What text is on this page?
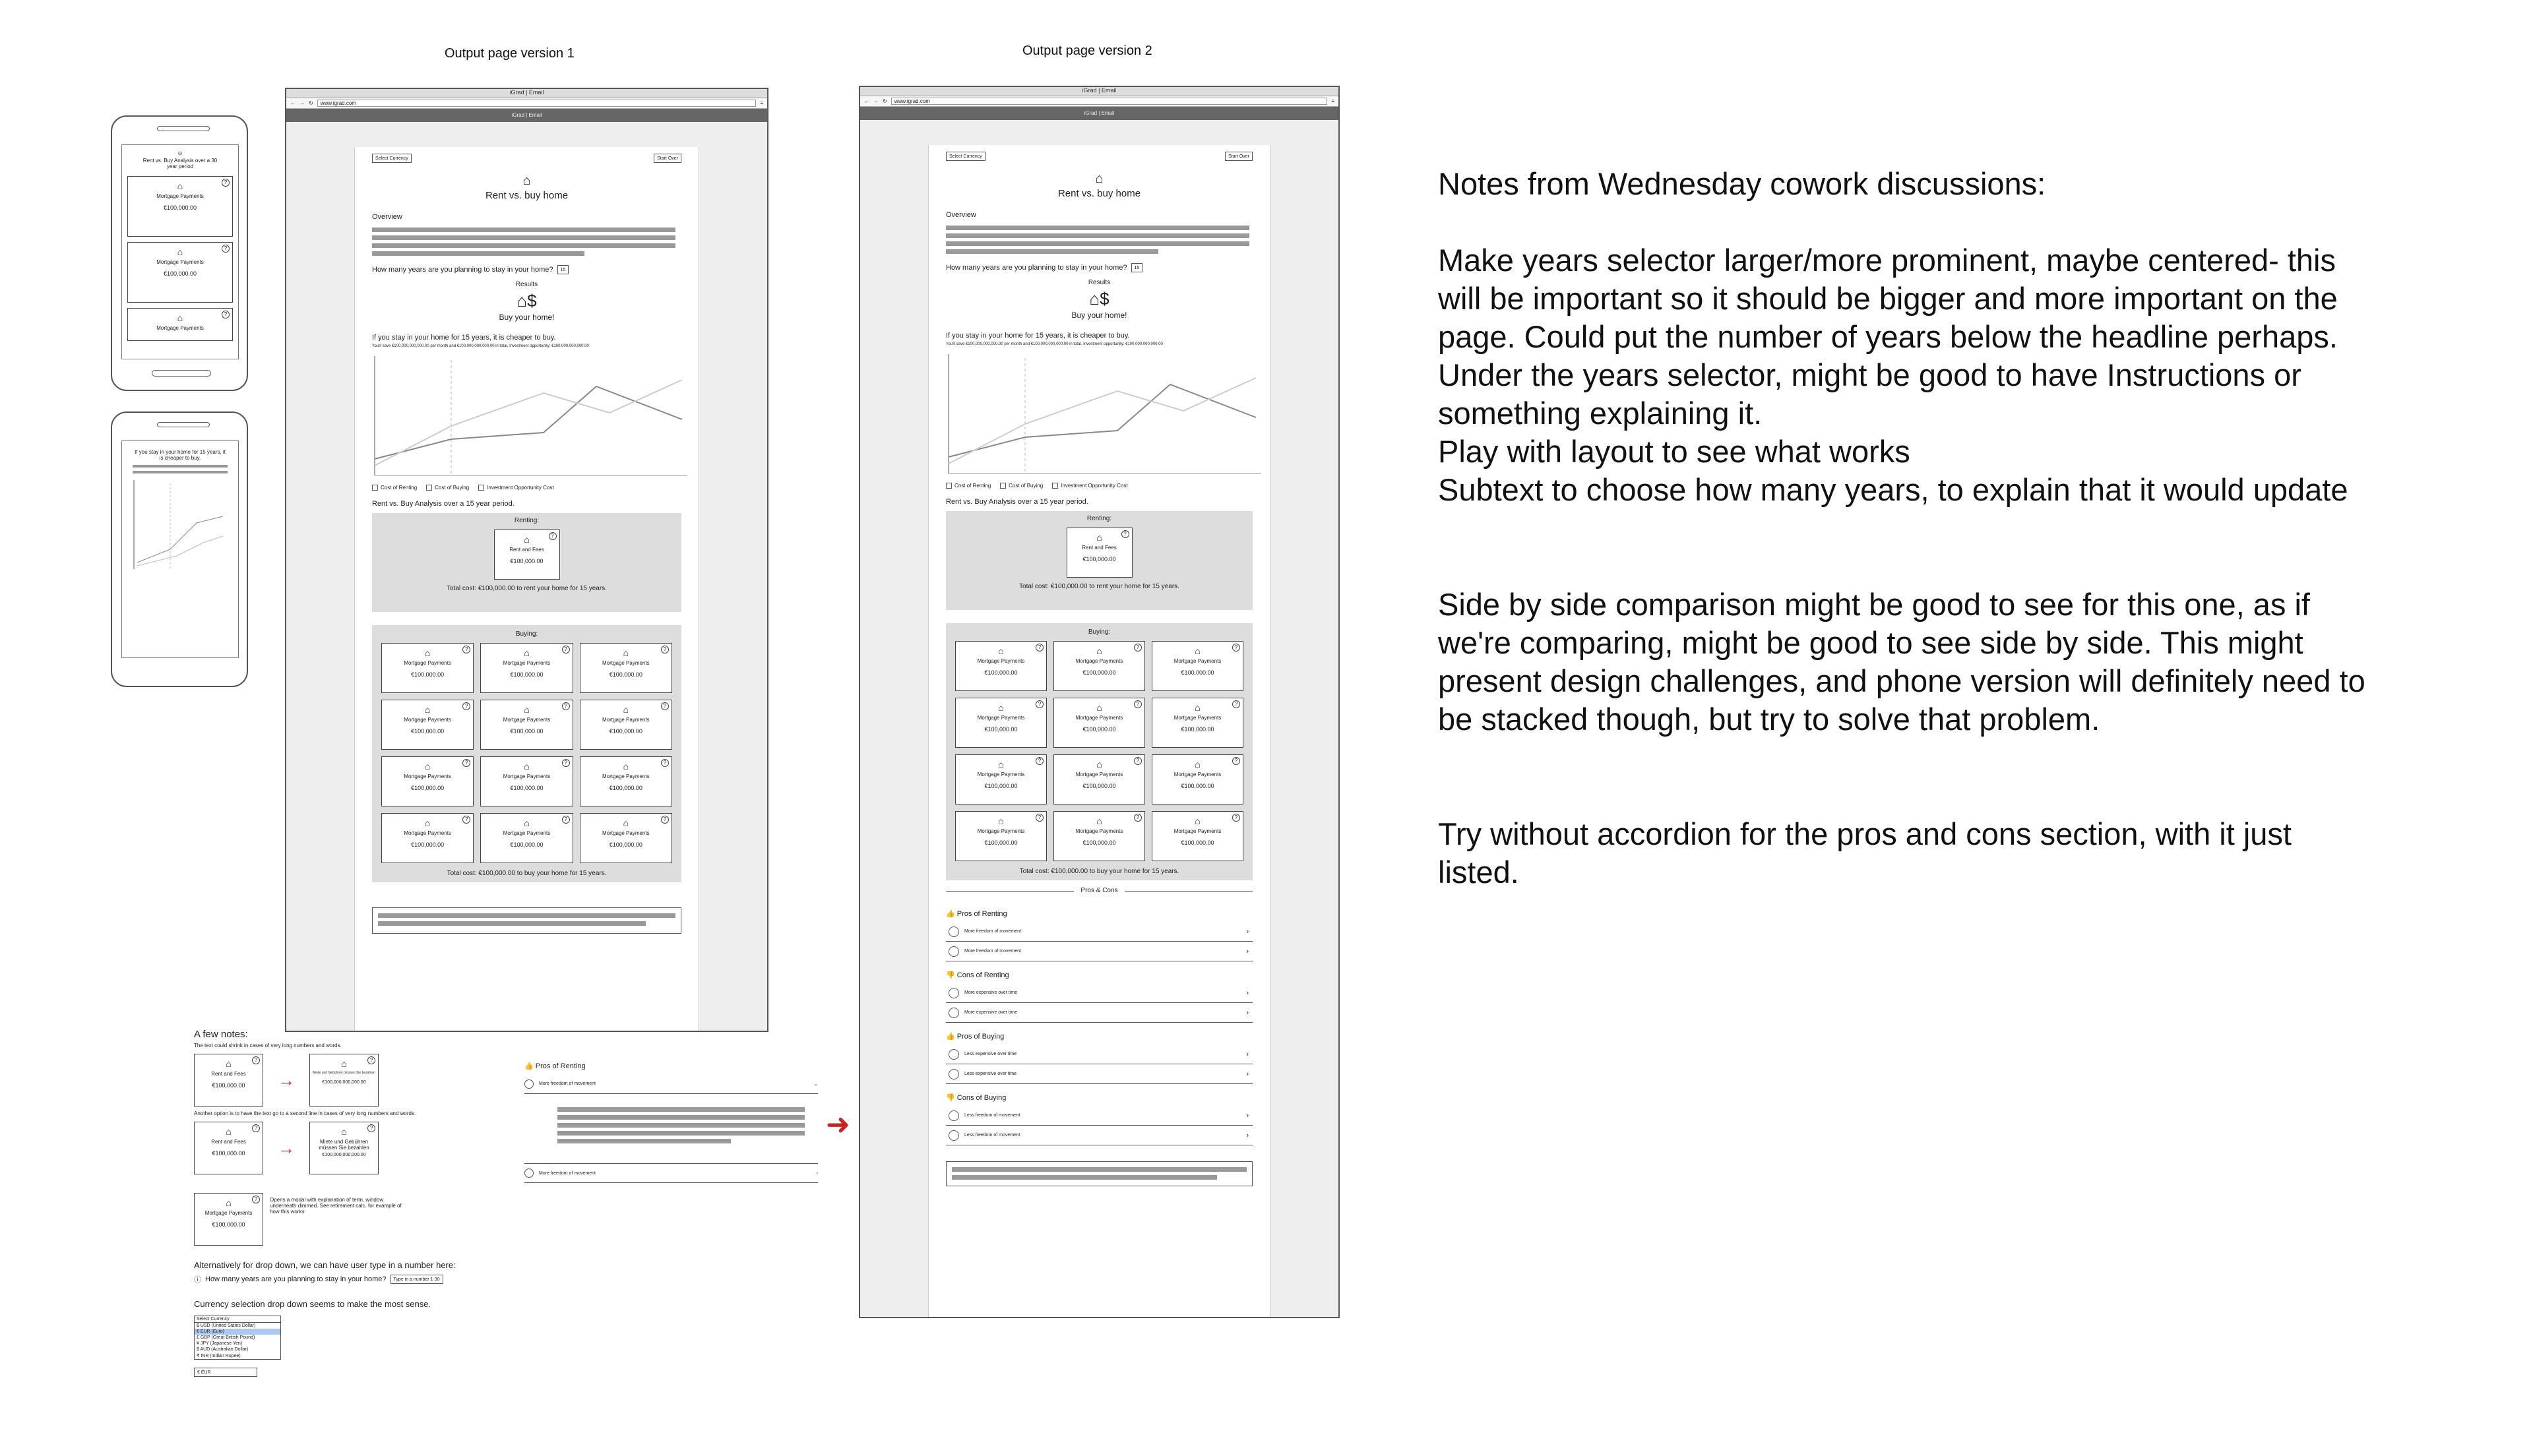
Output page version 1	Output page version 2
⊙
Rent vs. Buy Analysis over a 30 year period
?
⌂
Mortgage Payments
€100,000.00
?
⌂
Mortgage Payments
€100,000.00
?
⌂
Mortgage Payments
If you stay in your home for 15 years, it is cheaper to buy.
iGrad | Email
← → ↻	www.igrad.com	≡
iGrad | Email
Select Currency	Start Over
⌂
Rent vs. buy home
Overview
How many years are you planning to stay in your home?	15
Results
⌂$
Buy your home!
If you stay in your home for 15 years, it is cheaper to buy.
You'll save €100,000,000,000.00 per month and €100,000,000,000.00 in total. Investment opportunity: €100,000,000,000.00
Cost of Renting	Cost of Buying	Investment Opportunity Cost
Rent vs. Buy Analysis over a 15 year period.
Renting:
?
⌂
Rent and Fees
€100,000.00
Total cost: €100,000.00 to rent your home for 15 years.
Buying:
?
⌂
Mortgage Payments
€100,000.00
?
⌂
Mortgage Payments
€100,000.00
?
⌂
Mortgage Payments
€100,000.00
?
⌂
Mortgage Payments
€100,000.00
?
⌂
Mortgage Payments
€100,000.00
?
⌂
Mortgage Payments
€100,000.00
?
⌂
Mortgage Payments
€100,000.00
?
⌂
Mortgage Payments
€100,000.00
?
⌂
Mortgage Payments
€100,000.00
?
⌂
Mortgage Payments
€100,000.00
?
⌂
Mortgage Payments
€100,000.00
?
⌂
Mortgage Payments
€100,000.00
Total cost: €100,000.00 to buy your home for 15 years.
iGrad | Email
← → ↻	www.igrad.com	≡
iGrad | Email
Select Currency	Start Over
⌂
Rent vs. buy home
Overview
How many years are you planning to stay in your home?	15
Results
⌂$
Buy your home!
If you stay in your home for 15 years, it is cheaper to buy.
You'll save €100,000,000,000.00 per month and €100,000,000,000.00 in total. Investment opportunity: €100,000,000,000.00
Cost of Renting	Cost of Buying	Investment Opportunity Cost
Rent vs. Buy Analysis over a 15 year period.
Renting:
?
⌂
Rent and Fees
€100,000.00
Total cost: €100,000.00 to rent your home for 15 years.
Buying:
?
⌂
Mortgage Payments
€100,000.00
?
⌂
Mortgage Payments
€100,000.00
?
⌂
Mortgage Payments
€100,000.00
?
⌂
Mortgage Payments
€100,000.00
?
⌂
Mortgage Payments
€100,000.00
?
⌂
Mortgage Payments
€100,000.00
?
⌂
Mortgage Payments
€100,000.00
?
⌂
Mortgage Payments
€100,000.00
?
⌂
Mortgage Payments
€100,000.00
?
⌂
Mortgage Payments
€100,000.00
?
⌂
Mortgage Payments
€100,000.00
?
⌂
Mortgage Payments
€100,000.00
Total cost: €100,000.00 to buy your home for 15 years.
Pros & Cons
👍 Pros of Renting
More freedom of movement	›
More freedom of movement	›
👎 Cons of Renting
More expensive over time	›
More expensive over time	›
👍 Pros of Buying
Less expensive over time	›
Less expensive over time	›
👎 Cons of Buying
Less freedom of movement	›
Less freedom of movement	›
A few notes:
The text could shrink in cases of very long numbers and words.
?
⌂
Rent and Fees
€100,000.00	→
?
⌂
Miete und Gebühren müssen Sie bezahlen
€100,000,000,000.00
Another option is to have the text go to a second line in cases of very long numbers and words.
?
⌂
Rent and Fees
€100,000.00	→
?
⌂
Miete und Gebühren müssen Sie bezahlen
€100,000,000,000.00
?
⌂
Mortgage Payments
€100,000.00
Opens a modal with explanation of term, window underneath dimmed. See retirement calc. for example of how this works
Alternatively for drop down, we can have user type in a number here:
ⓘ How many years are you planning to stay in your home?	Type in a number 1-30
Currency selection drop down seems to make the most sense.
Select Currency
$ USD (United States Dollar)
€ EUR (Euro)
£ GBP (Great British Pound)
¥ JPY (Japanese Yen)
$ AUD (Australian Dollar)
₹ INR (Indian Rupee)
€ EUR
👍 Pros of Renting
More freedom of movement	⌄
More freedom of movement	›
➜
Notes from Wednesday cowork discussions:
Make years selector larger/more prominent, maybe centered- this
will be important so it should be bigger and more important on the
page. Could put the number of years below the headline perhaps.
Under the years selector, might be good to have Instructions or
something explaining it.
Play with layout to see what works
Subtext to choose how many years, to explain that it would update
Side by side comparison might be good to see for this one, as if
we're comparing, might be good to see side by side. This might
present design challenges, and phone version will definitely need to
be stacked though, but try to solve that problem.
Try without accordion for the pros and cons section, with it just
listed.
